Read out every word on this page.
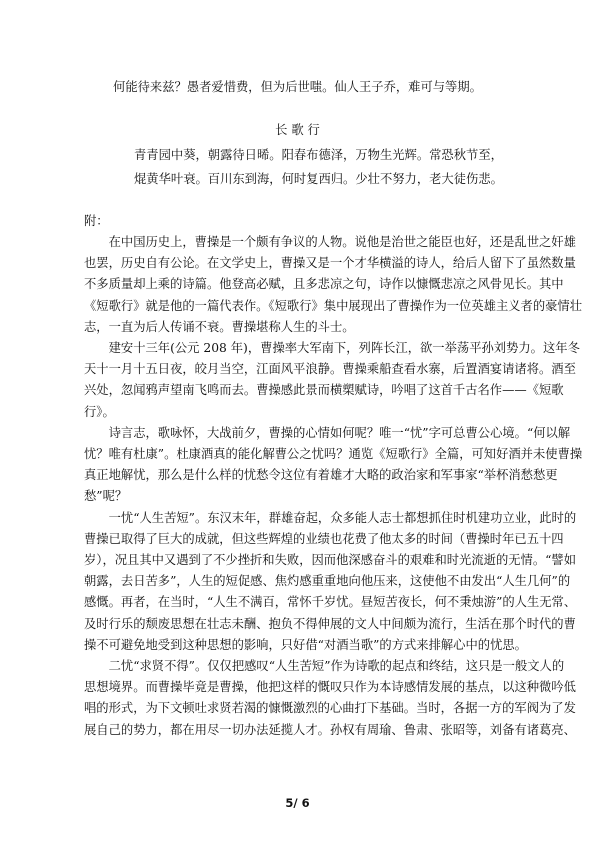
何能待来兹？愚者爱惜费，但为后世嗤。仙人王子乔，难可与等期。
长 歌 行
青青园中葵，朝露待日晞。阳春布德泽，万物生光辉。常恐秋节至，
焜黄华叶衰。百川东到海，何时复西归。少壮不努力，老大徒伤悲。
附：
　　在中国历史上，曹操是一个颇有争议的人物。说他是治世之能臣也好，还是乱世之奸雄
也罢，历史自有公论。在文学史上，曹操又是一个才华横溢的诗人，给后人留下了虽然数量
不多质量却上乘的诗篇。他登高必赋，且多悲凉之句，诗作以慷慨悲凉之风骨见长。其中
《短歌行》就是他的一篇代表作。《短歌行》集中展现出了曹操作为一位英雄主义者的豪情壮
志，一直为后人传诵不衰。曹操堪称人生的斗士。
　　建安十三年(公元 208 年)，曹操率大军南下，列阵长江，欲一举荡平孙刘势力。这年冬
天十一月十五日夜，皎月当空，江面风平浪静。曹操乘船查看水寨，后置酒宴请诸将。酒至
兴处，忽闻鸦声望南飞鸣而去。曹操感此景而横槊赋诗，吟唱了这首千古名作——《短歌
行》。
　　诗言志，歌咏怀，大战前夕，曹操的心情如何呢？唯一“忧”字可总曹公心境。“何以解
忧？唯有杜康”。杜康酒真的能化解曹公之忧吗？通览《短歌行》全篇，可知好酒并未使曹操
真正地解忧，那么是什么样的忧愁令这位有着雄才大略的政治家和军事家“举杯消愁愁更
愁”呢？
　　一忧“人生苦短”。东汉末年，群雄奋起，众多能人志士都想抓住时机建功立业，此时的
曹操已取得了巨大的成就，但这些辉煌的业绩也花费了他太多的时间（曹操时年已五十四
岁），况且其中又遇到了不少挫折和失败，因而他深感奋斗的艰难和时光流逝的无情。“譬如
朝露，去日苦多”，人生的短促感、焦灼感重重地向他压来，这使他不由发出“人生几何”的
感慨。再者，在当时，“人生不满百，常怀千岁忧。昼短苦夜长，何不秉烛游”的人生无常、
及时行乐的颓废思想在壮志未酬、抱负不得伸展的文人中间颇为流行，生活在那个时代的曹
操不可避免地受到这种思想的影响，只好借“对酒当歌”的方式来排解心中的忧思。
　　二忧“求贤不得”。仅仅把感叹“人生苦短”作为诗歌的起点和终结，这只是一般文人的
思想境界。而曹操毕竟是曹操，他把这样的慨叹只作为本诗感情发展的基点，以这种微吟低
唱的形式，为下文顿吐求贤若渴的慷慨激烈的心曲打下基础。当时，各据一方的军阀为了发
展自己的势力，都在用尽一切办法延揽人才。孙权有周瑜、鲁肃、张昭等，刘备有诸葛亮、
5/ 6
